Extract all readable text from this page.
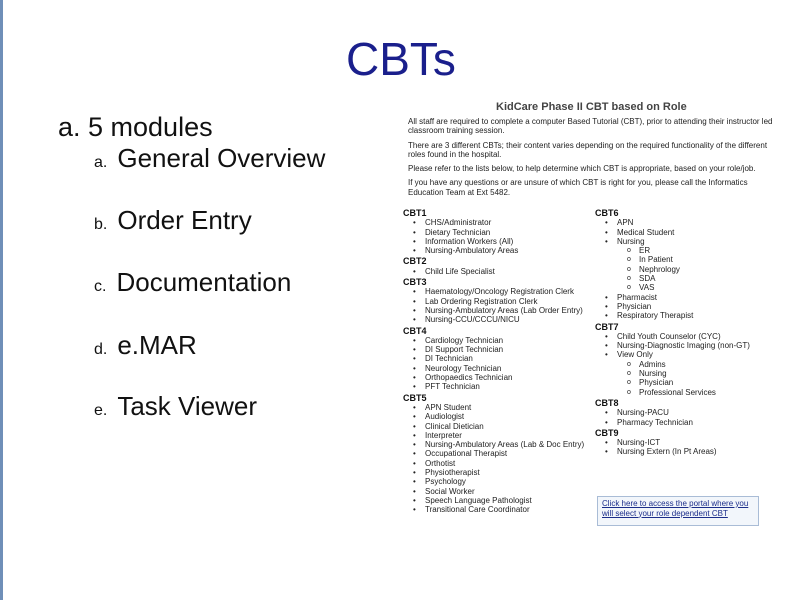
CBTs
a. 5 modules
a. General Overview
b. Order Entry
c. Documentation
d. e.MAR
e. Task Viewer
KidCare Phase II CBT based on Role

All staff are required to complete a computer Based Tutorial (CBT), prior to attending their instructor led classroom training session.

There are 3 different CBTs; their content varies depending on the required functionality of the different roles found in the hospital.

Please refer to the lists below, to help determine which CBT is appropriate, based on your role/job.

If you have any questions or are unsure of which CBT is right for you, please call the Informatics Education Team at Ext 5482.

CBT1
• CHS/Administrator
• Dietary Technician
• Information Workers (All)
• Nursing-Ambulatory Areas
CBT2
• Child Life Specialist
CBT3
• Haematology/Oncology Registration Clerk
• Lab Ordering Registration Clerk
• Nursing-Ambulatory Areas (Lab Order Entry)
• Nursing-CCU/CCCU/NICU
CBT4
• Cardiology Technician
• DI Support Technician
• DI Technician
• Neurology Technician
• Orthopaedics Technician
• PFT Technician
CBT5
• APN Student
• Audiologist
• Clinical Dietician
• Interpreter
• Nursing-Ambulatory Areas (Lab & Doc Entry)
• Occupational Therapist
• Orthotist
• Physiotherapist
• Psychology
• Social Worker
• Speech Language Pathologist
• Transitional Care Coordinator
CBT6
• APN
• Medical Student
• Nursing
o ER
o In Patient
o Nephrology
o SDA
o VAS
• Pharmacist
• Physician
• Respiratory Therapist
CBT7
• Child Youth Counselor (CYC)
• Nursing-Diagnostic Imaging (non-GT)
• View Only
o Admins
o Nursing
o Physician
o Professional Services
CBT8
• Nursing-PACU
• Pharmacy Technician
CBT9
• Nursing-ICT
• Nursing Extern (In Pt Areas)
Click here to access the portal where you will select your role dependent CBT
